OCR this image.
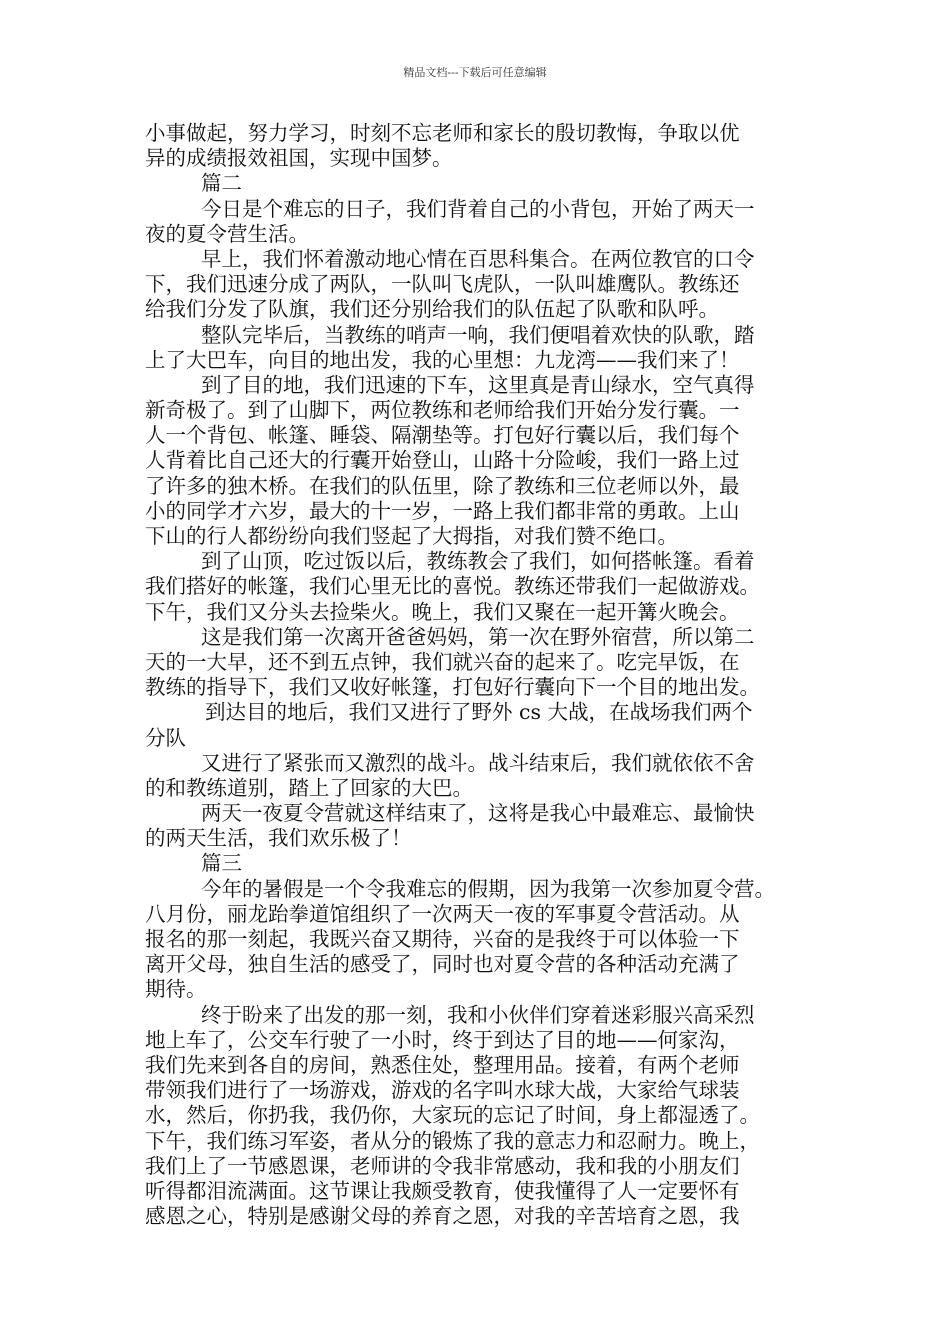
精品文档---下载后可任意编辑
小事做起，努力学习，时刻不忘老师和家长的殷切教悔，争取以优
异的成绩报效祖国，实现中国梦。
篇二
今日是个难忘的日子，我们背着自己的小背包，开始了两天一
夜的夏令营生活。
早上，我们怀着激动地心情在百思科集合。在两位教官的口令
下，我们迅速分成了两队，一队叫飞虎队，一队叫雄鹰队。教练还
给我们分发了队旗，我们还分别给我们的队伍起了队歌和队呼。
整队完毕后，当教练的哨声一响，我们便唱着欢快的队歌，踏
上了大巴车，向目的地出发，我的心里想：九龙湾——我们来了！
到了目的地，我们迅速的下车，这里真是青山绿水，空气真得
新奇极了。到了山脚下，两位教练和老师给我们开始分发行囊。一
人一个背包、帐篷、睡袋、隔潮垫等。打包好行囊以后，我们每个
人背着比自己还大的行囊开始登山，山路十分险峻，我们一路上过
了许多的独木桥。在我们的队伍里，除了教练和三位老师以外，最
小的同学才六岁，最大的十一岁，一路上我们都非常的勇敢。上山
下山的行人都纷纷向我们竖起了大拇指，对我们赞不绝口。
到了山顶，吃过饭以后，教练教会了我们，如何搭帐篷。看着
我们搭好的帐篷，我们心里无比的喜悦。教练还带我们一起做游戏。
下午，我们又分头去捡柴火。晚上，我们又聚在一起开篝火晚会。
这是我们第一次离开爸爸妈妈，第一次在野外宿营，所以第二
天的一大早，还不到五点钟，我们就兴奋的起来了。吃完早饭，在
教练的指导下，我们又收好帐篷，打包好行囊向下一个目的地出发。
到达目的地后，我们又进行了野外 cs 大战，在战场我们两个
分队
又进行了紧张而又激烈的战斗。战斗结束后，我们就依依不舍
的和教练道别，踏上了回家的大巴。
两天一夜夏令营就这样结束了，这将是我心中最难忘、最愉快
的两天生活，我们欢乐极了！
篇三
今年的暑假是一个令我难忘的假期，因为我第一次参加夏令营。
八月份，丽龙跆拳道馆组织了一次两天一夜的军事夏令营活动。从
报名的那一刻起，我既兴奋又期待，兴奋的是我终于可以体验一下
离开父母，独自生活的感受了，同时也对夏令营的各种活动充满了
期待。
终于盼来了出发的那一刻，我和小伙伴们穿着迷彩服兴高采烈
地上车了，公交车行驶了一小时，终于到达了目的地——何家沟，
我们先来到各自的房间，熟悉住处，整理用品。接着，有两个老师
带领我们进行了一场游戏，游戏的名字叫水球大战，大家给气球装
水，然后，你扔我，我仍你，大家玩的忘记了时间，身上都湿透了。
下午，我们练习军姿，者从分的锻炼了我的意志力和忍耐力。晚上，
我们上了一节感恩课，老师讲的令我非常感动，我和我的小朋友们
听得都泪流满面。这节课让我颇受教育，使我懂得了人一定要怀有
感恩之心，特别是感谢父母的养育之恩，对我的辛苦培育之恩，我
